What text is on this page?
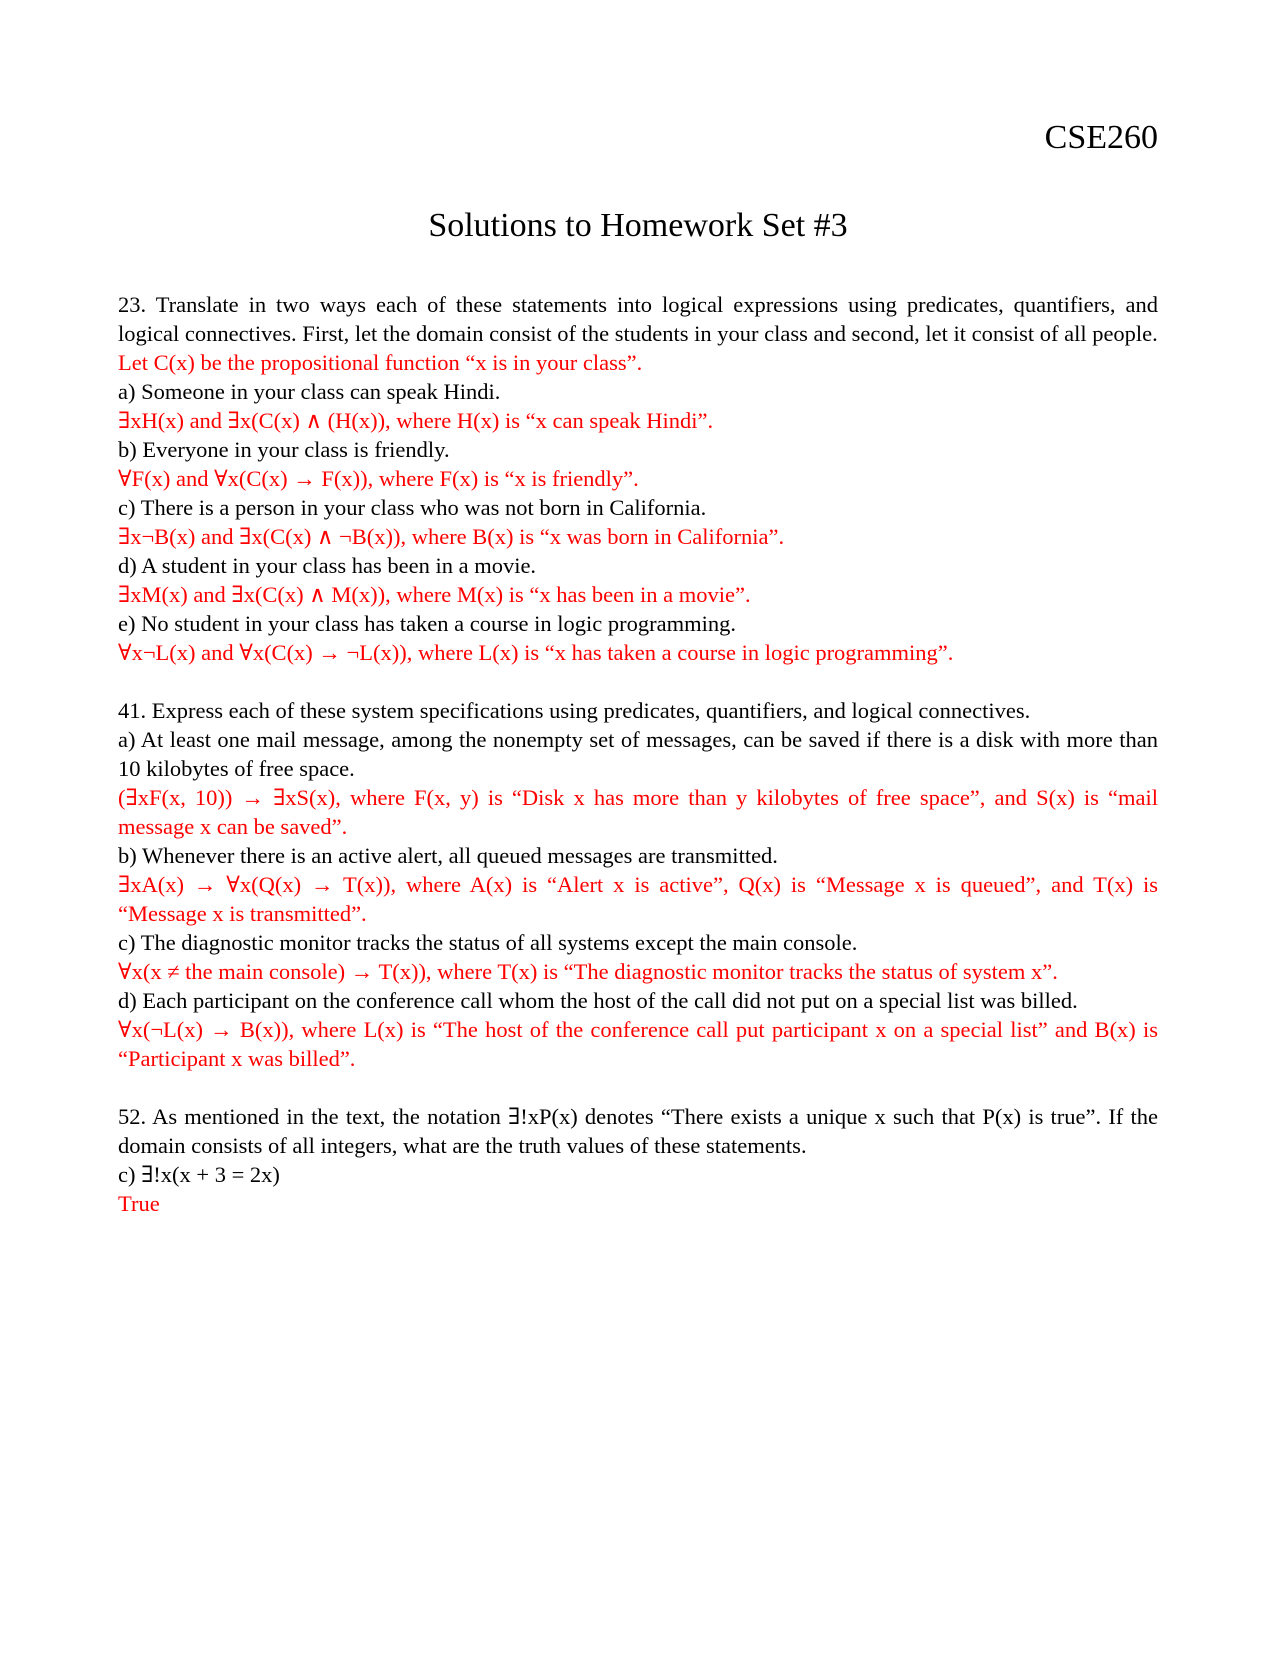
CSE260
Solutions to Homework Set #3

23. Translate in two ways each of these statements into logical expressions using predicates, quantifiers, and logical connectives. First, let the domain consist of the students in your class and second, let it consist of all people.

Let C(x) be the propositional function “x is in your class”.

a) Someone in your class can speak Hindi.

∃xH(x) and ∃x(C(x) ∧ (H(x)), where H(x) is “x can speak Hindi”.

b) Everyone in your class is friendly.

∀F(x) and ∀x(C(x) → F(x)), where F(x) is “x is friendly”.

c) There is a person in your class who was not born in California.

∃x¬B(x) and ∃x(C(x) ∧ ¬B(x)), where B(x) is “x was born in California”.

d) A student in your class has been in a movie.

∃xM(x) and ∃x(C(x) ∧ M(x)), where M(x) is “x has been in a movie”.

e) No student in your class has taken a course in logic programming.

∀x¬L(x) and ∀x(C(x) → ¬L(x)), where L(x) is “x has taken a course in logic programming”.

41. Express each of these system specifications using predicates, quantifiers, and logical connectives.

a) At least one mail message, among the nonempty set of messages, can be saved if there is a disk with more than 10 kilobytes of free space.

(∃xF(x, 10)) → ∃xS(x), where F(x, y) is “Disk x has more than y kilobytes of free space”, and S(x) is “mail message x can be saved”.

b) Whenever there is an active alert, all queued messages are transmitted.

∃xA(x) → ∀x(Q(x) → T(x)), where A(x) is “Alert x is active”, Q(x) is “Message x is queued”, and T(x) is “Message x is transmitted”.

c) The diagnostic monitor tracks the status of all systems except the main console.

∀x(x ≠ the main console) → T(x)), where T(x) is “The diagnostic monitor tracks the status of system x”.

d) Each participant on the conference call whom the host of the call did not put on a special list was billed.

∀x(¬L(x) → B(x)), where L(x) is “The host of the conference call put participant x on a special list” and B(x) is “Participant x was billed”.

52. As mentioned in the text, the notation ∃!xP(x) denotes “There exists a unique x such that P(x) is true”. If the domain consists of all integers, what are the truth values of these statements.

c) ∃!x(x + 3 = 2x)

True
